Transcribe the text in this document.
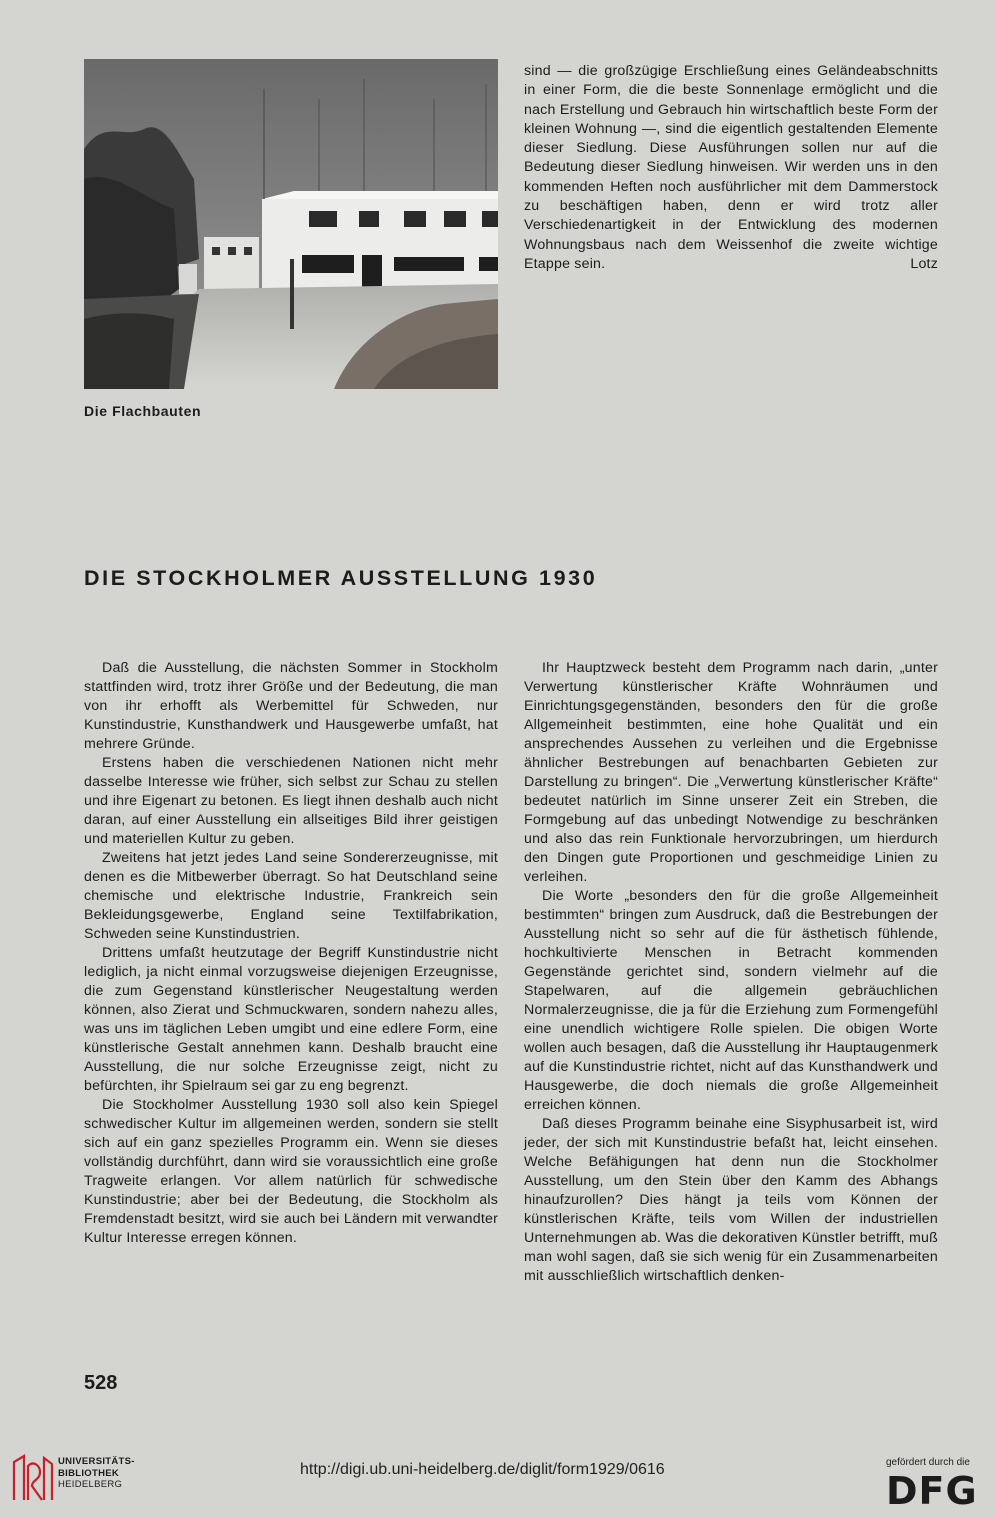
Die Flachbauten

sind — die großzügige Erschließung eines Geländeabschnitts in einer Form, die die beste Sonnenlage ermöglicht und die nach Erstellung und Gebrauch hin wirtschaftlich beste Form der kleinen Wohnung —, sind die eigentlich gestaltenden Elemente dieser Siedlung. Diese Ausführungen sollen nur auf die Bedeutung dieser Siedlung hinweisen. Wir werden uns in den kommenden Heften noch ausführlicher mit dem Dammerstock zu beschäftigen haben, denn er wird trotz aller Verschiedenartigkeit in der Entwicklung des modernen Wohnungsbaus nach dem Weissenhof die zweite wichtige Etappe sein.	Lotz

DIE STOCKHOLMER AUSSTELLUNG 1930

Daß die Ausstellung, die nächsten Sommer in Stockholm stattfinden wird, trotz ihrer Größe und der Bedeutung, die man von ihr erhofft als Werbemittel für Schweden, nur Kunstindustrie, Kunsthandwerk und Hausgewerbe umfaßt, hat mehrere Gründe.

Erstens haben die verschiedenen Nationen nicht mehr dasselbe Interesse wie früher, sich selbst zur Schau zu stellen und ihre Eigenart zu betonen. Es liegt ihnen deshalb auch nicht daran, auf einer Ausstellung ein allseitiges Bild ihrer geistigen und materiellen Kultur zu geben.

Zweitens hat jetzt jedes Land seine Sondererzeugnisse, mit denen es die Mitbewerber überragt. So hat Deutschland seine chemische und elektrische Industrie, Frankreich sein Bekleidungsgewerbe, England seine Textilfabrikation, Schweden seine Kunstindustrien.

Drittens umfaßt heutzutage der Begriff Kunstindustrie nicht lediglich, ja nicht einmal vorzugsweise diejenigen Erzeugnisse, die zum Gegenstand künstlerischer Neugestaltung werden können, also Zierat und Schmuckwaren, sondern nahezu alles, was uns im täglichen Leben umgibt und eine edlere Form, eine künstlerische Gestalt annehmen kann. Deshalb braucht eine Ausstellung, die nur solche Erzeugnisse zeigt, nicht zu befürchten, ihr Spielraum sei gar zu eng begrenzt.

Die Stockholmer Ausstellung 1930 soll also kein Spiegel schwedischer Kultur im allgemeinen werden, sondern sie stellt sich auf ein ganz spezielles Programm ein. Wenn sie dieses vollständig durchführt, dann wird sie voraussichtlich eine große Tragweite erlangen. Vor allem natürlich für schwedische Kunstindustrie; aber bei der Bedeutung, die Stockholm als Fremdenstadt besitzt, wird sie auch bei Ländern mit verwandter Kultur Interesse erregen können.

Ihr Hauptzweck besteht dem Programm nach darin, „unter Verwertung künstlerischer Kräfte Wohnräumen und Einrichtungsgegenständen, besonders den für die große Allgemeinheit bestimmten, eine hohe Qualität und ein ansprechendes Aussehen zu verleihen und die Ergebnisse ähnlicher Bestrebungen auf benachbarten Gebieten zur Darstellung zu bringen“. Die „Verwertung künstlerischer Kräfte“ bedeutet natürlich im Sinne unserer Zeit ein Streben, die Formgebung auf das unbedingt Notwendige zu beschränken und also das rein Funktionale hervorzubringen, um hierdurch den Dingen gute Proportionen und geschmeidige Linien zu verleihen.

Die Worte „besonders den für die große Allgemeinheit bestimmten“ bringen zum Ausdruck, daß die Bestrebungen der Ausstellung nicht so sehr auf die für ästhetisch fühlende, hochkultivierte Menschen in Betracht kommenden Gegenstände gerichtet sind, sondern vielmehr auf die Stapelwaren, auf die allgemein gebräuchlichen Normalerzeugnisse, die ja für die Erziehung zum Formengefühl eine unendlich wichtigere Rolle spielen. Die obigen Worte wollen auch besagen, daß die Ausstellung ihr Hauptaugenmerk auf die Kunstindustrie richtet, nicht auf das Kunsthandwerk und Hausgewerbe, die doch niemals die große Allgemeinheit erreichen können.

Daß dieses Programm beinahe eine Sisyphusarbeit ist, wird jeder, der sich mit Kunstindustrie befaßt hat, leicht einsehen. Welche Befähigungen hat denn nun die Stockholmer Ausstellung, um den Stein über den Kamm des Abhangs hinaufzurollen? Dies hängt ja teils vom Können der künstlerischen Kräfte, teils vom Willen der industriellen Unternehmungen ab. Was die dekorativen Künstler betrifft, muß man wohl sagen, daß sie sich wenig für ein Zusammenarbeiten mit ausschließlich wirtschaftlich denken-

528
UNIVERSITÄTS-
BIBLIOTHEK
HEIDELBERG
http://digi.ub.uni-heidelberg.de/diglit/form1929/0616	gefördert durch die
DFG
